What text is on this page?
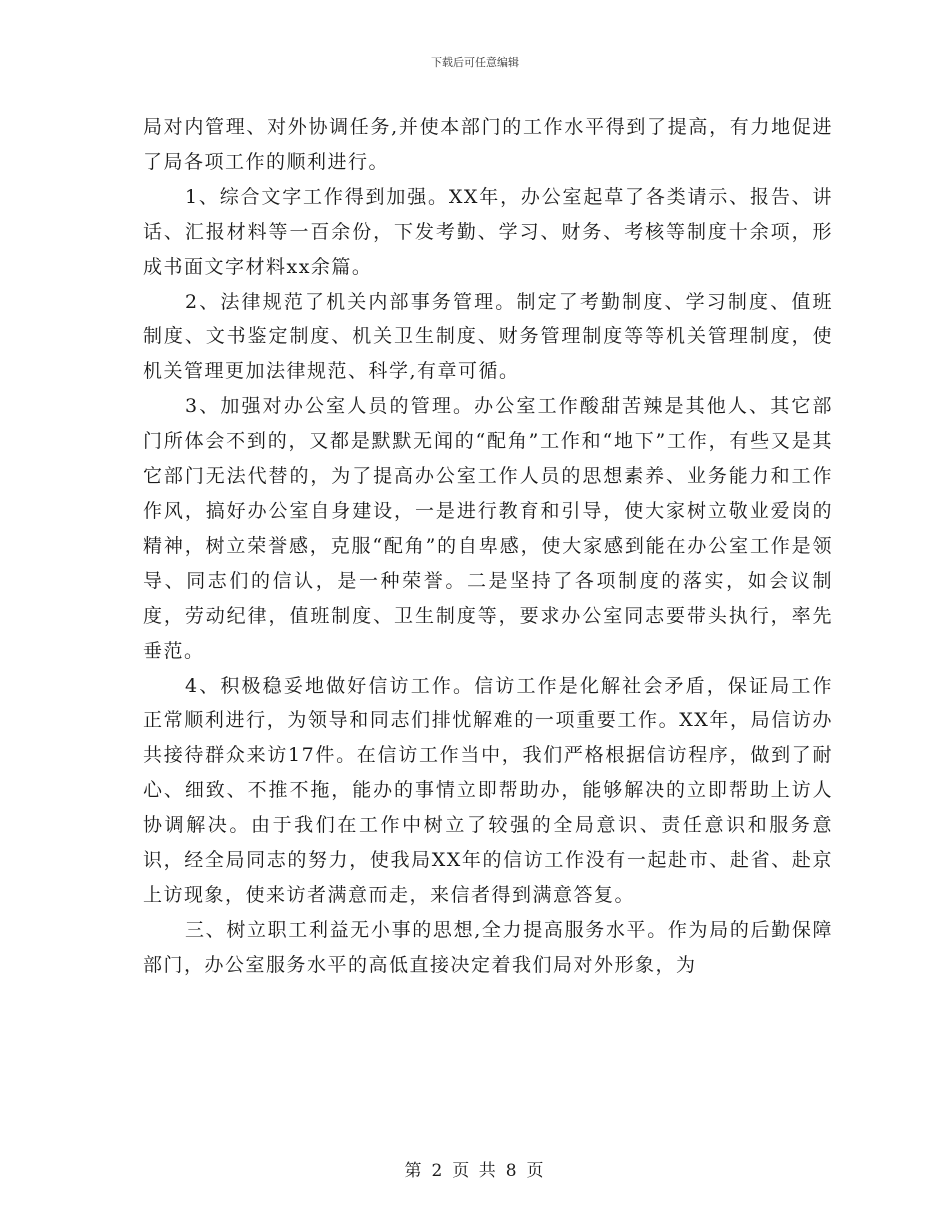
下载后可任意编辑

局对内管理、对外协调任务,并使本部门的工作水平得到了提高，有力地促进了局各项工作的顺利进行。

1、综合文字工作得到加强。XX年，办公室起草了各类请示、报告、讲话、汇报材料等一百余份，下发考勤、学习、财务、考核等制度十余项，形成书面文字材料xx余篇。

2、法律规范了机关内部事务管理。制定了考勤制度、学习制度、值班制度、文书鉴定制度、机关卫生制度、财务管理制度等等机关管理制度，使机关管理更加法律规范、科学,有章可循。

3、加强对办公室人员的管理。办公室工作酸甜苦辣是其他人、其它部门所体会不到的，又都是默默无闻的“配角”工作和“地下”工作，有些又是其它部门无法代替的，为了提高办公室工作人员的思想素养、业务能力和工作作风，搞好办公室自身建设，一是进行教育和引导，使大家树立敬业爱岗的精神，树立荣誉感，克服“配角”的自卑感，使大家感到能在办公室工作是领导、同志们的信认，是一种荣誉。二是坚持了各项制度的落实，如会议制度，劳动纪律，值班制度、卫生制度等，要求办公室同志要带头执行，率先垂范。

4、积极稳妥地做好信访工作。信访工作是化解社会矛盾，保证局工作正常顺利进行，为领导和同志们排忧解难的一项重要工作。XX年，局信访办共接待群众来访17件。在信访工作当中，我们严格根据信访程序，做到了耐心、细致、不推不拖，能办的事情立即帮助办，能够解决的立即帮助上访人协调解决。由于我们在工作中树立了较强的全局意识、责任意识和服务意识，经全局同志的努力，使我局XX年的信访工作没有一起赴市、赴省、赴京上访现象，使来访者满意而走，来信者得到满意答复。

三、树立职工利益无小事的思想,全力提高服务水平。作为局的后勤保障部门，办公室服务水平的高低直接决定着我们局对外形象，为

第 2 页 共 8 页
